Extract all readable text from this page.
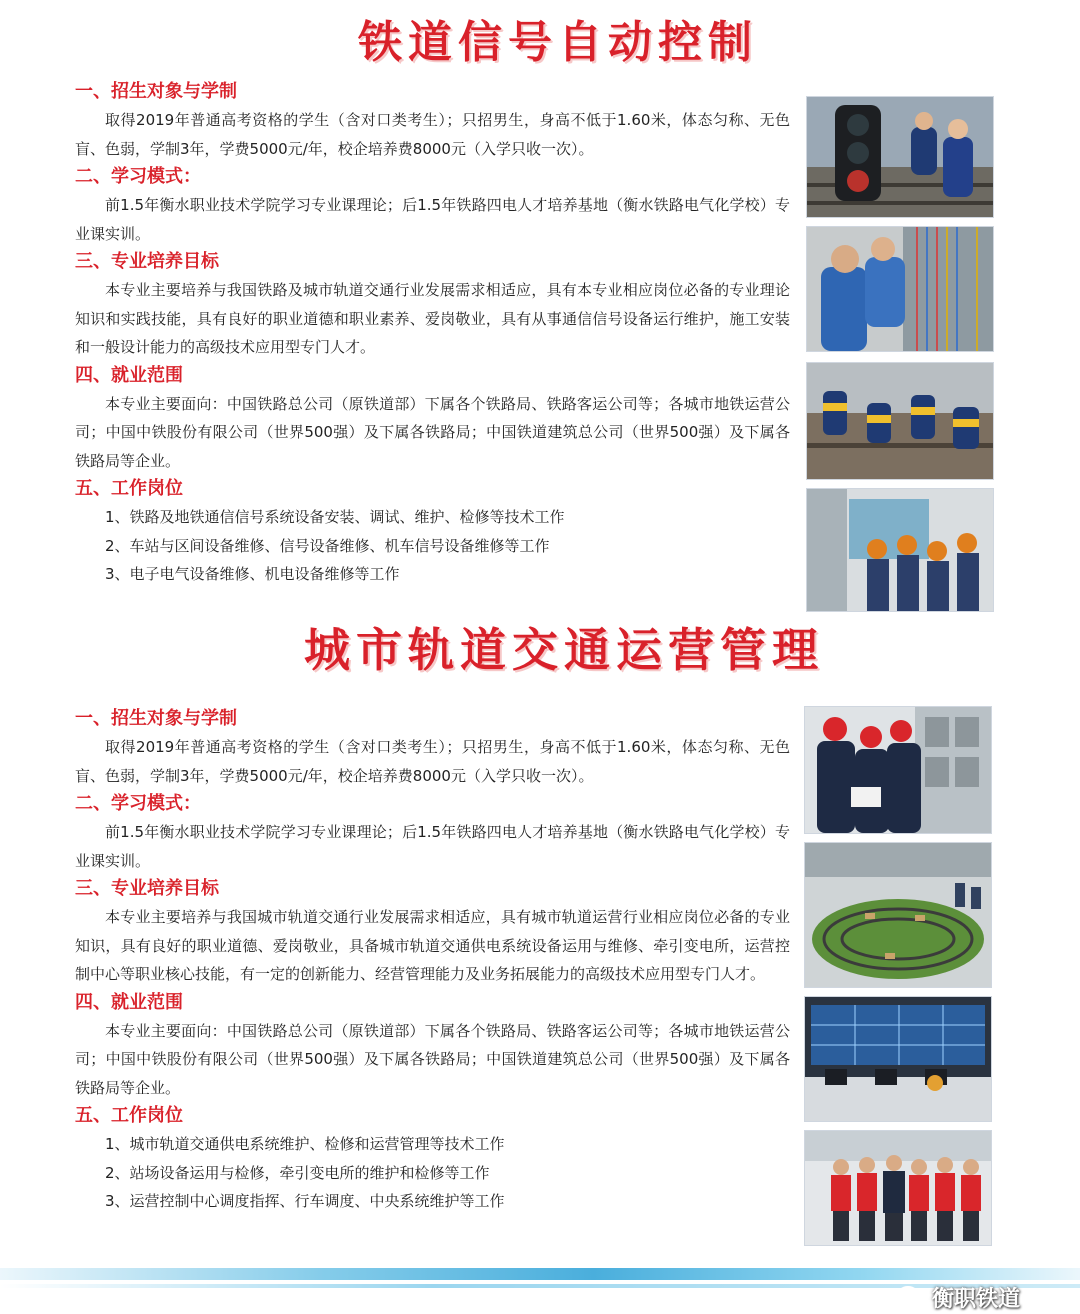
铁道信号自动控制

一、招生对象与学制

取得2019年普通高考资格的学生（含对口类考生）；只招男生，身高不低于1.60米，体态匀称、无色盲、色弱，学制3年，学费5000元/年，校企培养费8000元（入学只收一次）。

二、学习模式：

前1.5年衡水职业技术学院学习专业课理论；后1.5年铁路四电人才培养基地（衡水铁路电气化学校）专业课实训。

三、专业培养目标

本专业主要培养与我国铁路及城市轨道交通行业发展需求相适应，具有本专业相应岗位必备的专业理论知识和实践技能，具有良好的职业道德和职业素养、爱岗敬业，具有从事通信信号设备运行维护，施工安装和一般设计能力的高级技术应用型专门人才。

四、就业范围

本专业主要面向：中国铁路总公司（原铁道部）下属各个铁路局、铁路客运公司等；各城市地铁运营公司；中国中铁股份有限公司（世界500强）及下属各铁路局；中国铁道建筑总公司（世界500强）及下属各铁路局等企业。

五、工作岗位

1、铁路及地铁通信信号系统设备安装、调试、维护、检修等技术工作
2、车站与区间设备维修、信号设备维修、机车信号设备维修等工作
3、电子电气设备维修、机电设备维修等工作
城市轨道交通运营管理

一、招生对象与学制

取得2019年普通高考资格的学生（含对口类考生）；只招男生，身高不低于1.60米，体态匀称、无色盲、色弱，学制3年，学费5000元/年，校企培养费8000元（入学只收一次）。

二、学习模式：

前1.5年衡水职业技术学院学习专业课理论；后1.5年铁路四电人才培养基地（衡水铁路电气化学校）专业课实训。

三、专业培养目标

本专业主要培养与我国城市轨道交通行业发展需求相适应，具有城市轨道运营行业相应岗位必备的专业知识，具有良好的职业道德、爱岗敬业，具备城市轨道交通供电系统设备运用与维修、牵引变电所，运营控制中心等职业核心技能，有一定的创新能力、经营管理能力及业务拓展能力的高级技术应用型专门人才。

四、就业范围

本专业主要面向：中国铁路总公司（原铁道部）下属各个铁路局、铁路客运公司等；各城市地铁运营公司；中国中铁股份有限公司（世界500强）及下属各铁路局；中国铁道建筑总公司（世界500强）及下属各铁路局等企业。

五、工作岗位

1、城市轨道交通供电系统维护、检修和运营管理等技术工作
2、站场设备运用与检修，牵引变电所的维护和检修等工作
3、运营控制中心调度指挥、行车调度、中央系统维护等工作
衡职铁道
